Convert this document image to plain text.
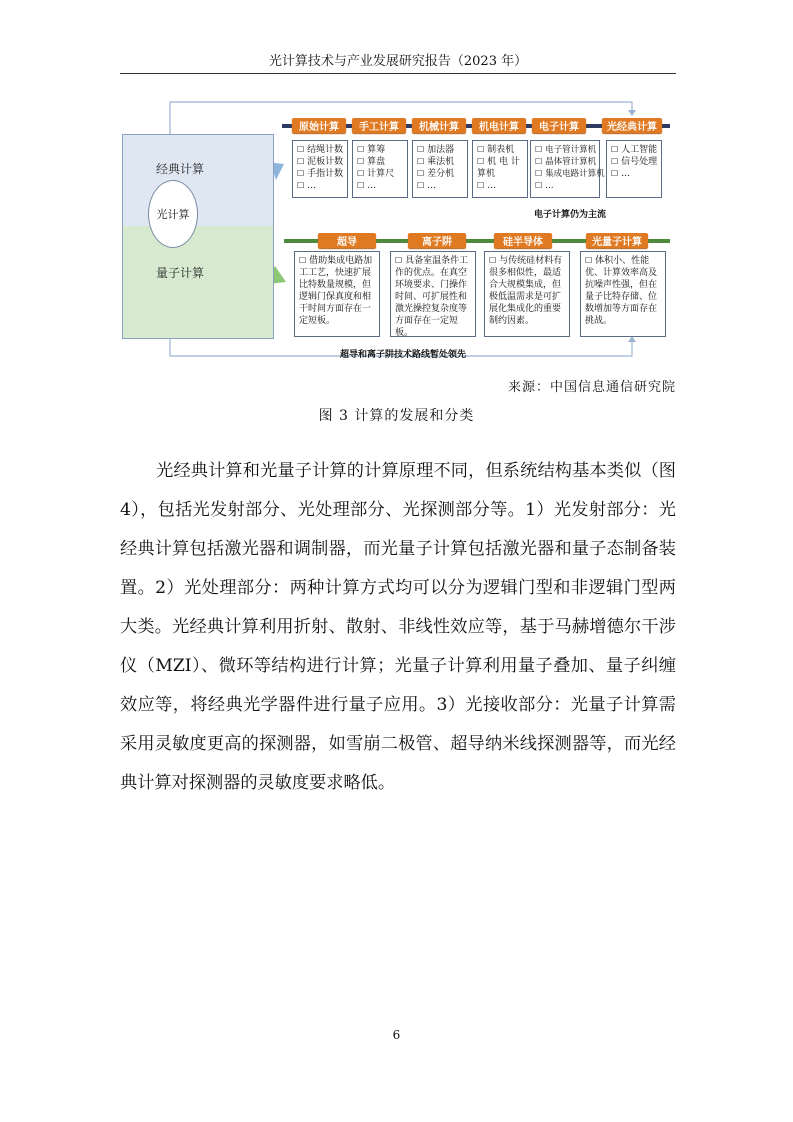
光计算技术与产业发展研究报告（2023 年）
经典计算
光计算
量子计算
原始计算	手工计算	机械计算	机电计算	电子计算	光经典计算
☐ 结绳计数
☐ 泥板计数
☐ 手指计数
☐ …
☐ 算筹
☐ 算盘
☐ 计算尺
☐ …
☐ 加法器
☐ 乘法机
☐ 差分机
☐ …
☐ 制表机
☐ 机 电 计 算机
☐ …
☐ 电子管计算机
☐ 晶体管计算机
☐ 集成电路计算机
☐ …
☐ 人工智能
☐ 信号处理
☐ …
电子计算仍为主流
超导	离子阱	硅半导体	光量子计算
☐ 借助集成电路加工工艺，快速扩展比特数量规模，但逻辑门保真度和相干时间方面存在一定短板。
☐ 具备室温条件工作的优点。在真空环境要求、门操作时间、可扩展性和激光操控复杂度等方面存在一定短板。
☐ 与传统硅材料有很多相似性，最适合大规模集成，但极低温需求是可扩展化集成化的重要制约因素。
☐ 体积小、性能优、计算效率高及抗噪声性强，但在量子比特存储、位数增加等方面存在挑战。
超导和离子阱技术路线暂处领先
来源：中国信息通信研究院
图 3 计算的发展和分类
光经典计算和光量子计算的计算原理不同，但系统结构基本类似（图 4），包括光发射部分、光处理部分、光探测部分等。1）光发射部分：光经典计算包括激光器和调制器，而光量子计算包括激光器和量子态制备装置。2）光处理部分：两种计算方式均可以分为逻辑门型和非逻辑门型两大类。光经典计算利用折射、散射、非线性效应等，基于马赫增德尔干涉仪（MZI）、微环等结构进行计算；光量子计算利用量子叠加、量子纠缠效应等，将经典光学器件进行量子应用。3）光接收部分：光量子计算需采用灵敏度更高的探测器，如雪崩二极管、超导纳米线探测器等，而光经典计算对探测器的灵敏度要求略低。
6
